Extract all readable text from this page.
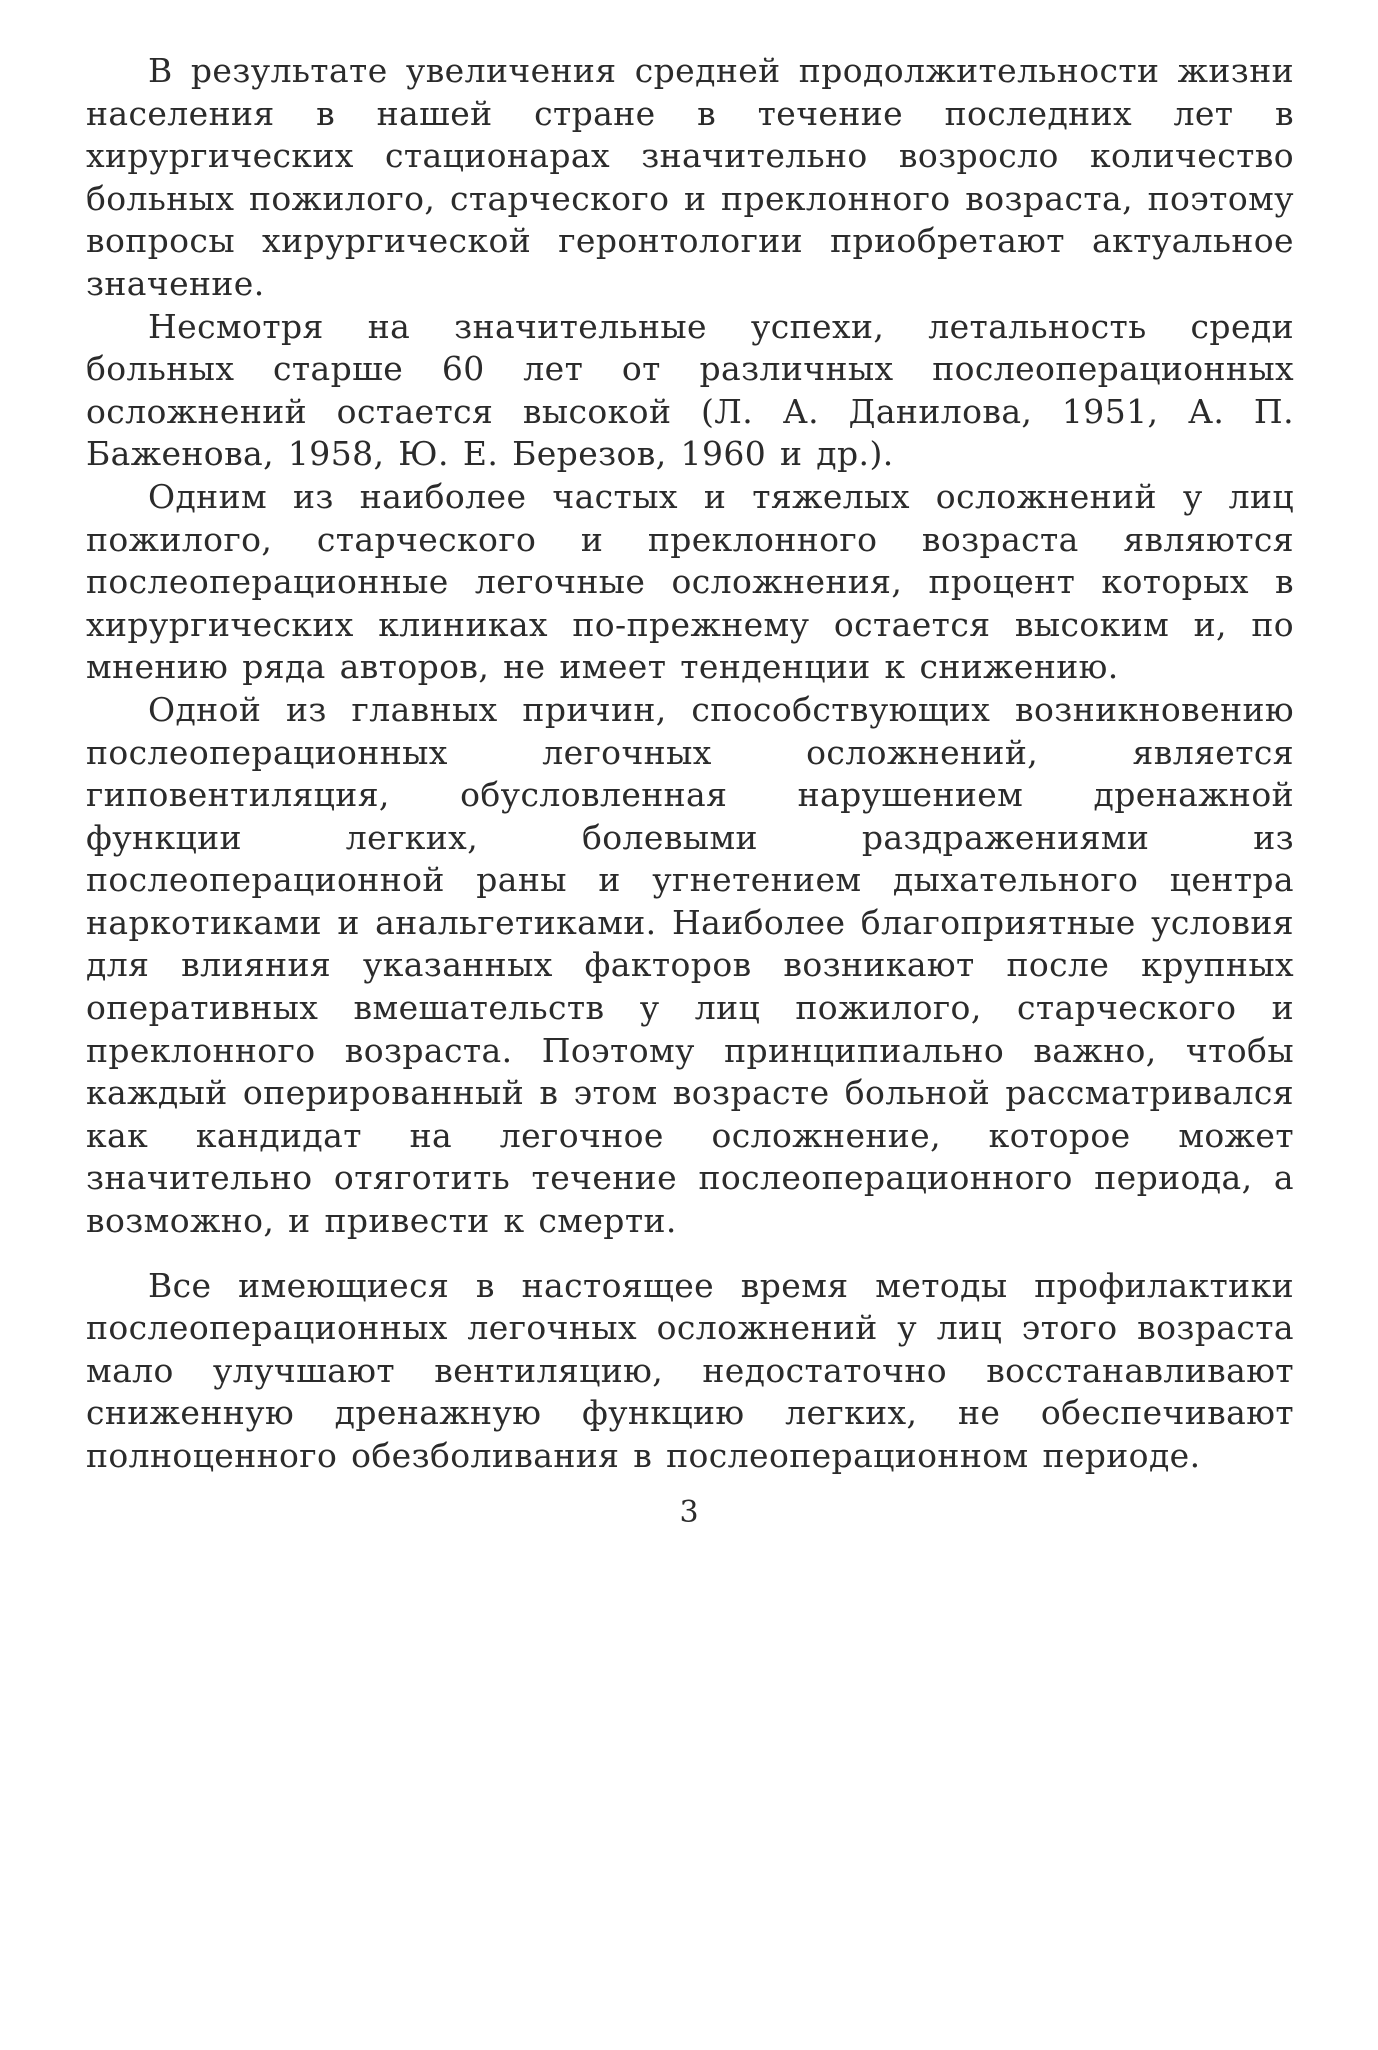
В результате увеличения средней продолжительности жизни населения в нашей стране в течение последних лет в хирургических стационарах значительно возросло количество больных пожилого, старческого и преклонного возраста, поэтому вопросы хирургической геронтологии приобретают актуальное значение.

Несмотря на значительные успехи, летальность среди больных старше 60 лет от различных послеоперационных осложнений остается высокой (Л. А. Данилова, 1951, А. П. Баженова, 1958, Ю. Е. Березов, 1960 и др.).

Одним из наиболее частых и тяжелых осложнений у лиц пожилого, старческого и преклонного возраста являются послеоперационные легочные осложнения, процент которых в хирургических клиниках по-прежнему остается высоким и, по мнению ряда авторов, не имеет тенденции к снижению.

Одной из главных причин, способствующих возникновению послеоперационных легочных осложнений, является гиповентиляция, обусловленная нарушением дренажной функции легких, болевыми раздражениями из послеоперационной раны и угнетением дыхательного центра наркотиками и анальгетиками. Наиболее благоприятные условия для влияния указанных факторов возникают после крупных оперативных вмешательств у лиц пожилого, старческого и преклонного возраста. Поэтому принципиально важно, чтобы каждый оперированный в этом возрасте больной рассматривался как кандидат на легочное осложнение, которое может значительно отяготить течение послеоперационного периода, а возможно, и привести к смерти.

Все имеющиеся в настоящее время методы профилактики послеоперационных легочных осложнений у лиц этого возраста мало улучшают вентиляцию, недостаточно восстанавливают сниженную дренажную функцию легких, не обеспечивают полноценного обезболивания в послеоперационном периоде.

3
